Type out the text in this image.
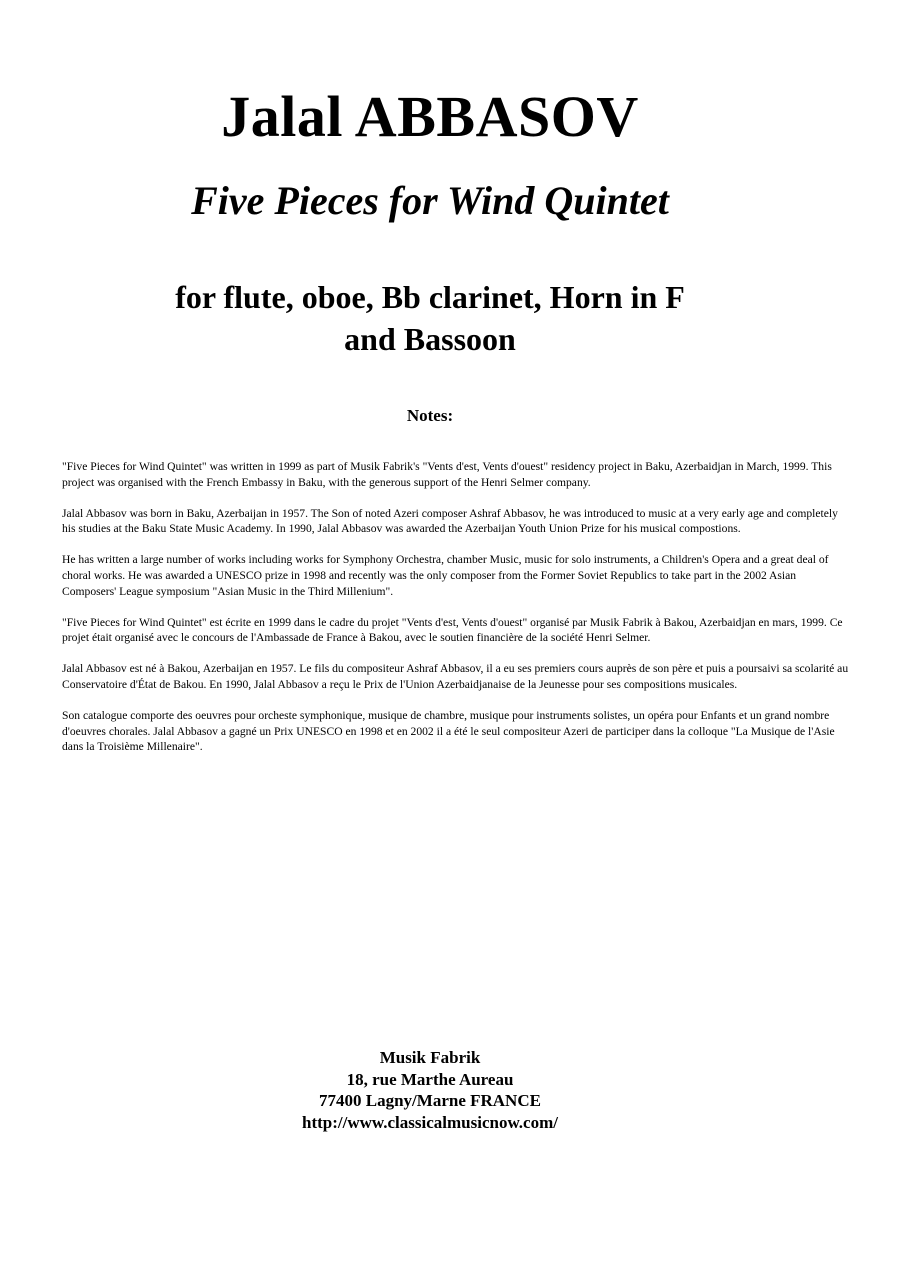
Jalal ABBASOV
Five Pieces for Wind Quintet
for flute, oboe, Bb clarinet, Horn in F
and Bassoon
Notes:

"Five Pieces for Wind Quintet" was written in 1999 as part of Musik Fabrik's "Vents d'est, Vents d'ouest" residency project in Baku, Azerbaidjan in March, 1999. This project was organised with the French Embassy in Baku, with the generous support of the Henri Selmer company.

Jalal Abbasov was born in Baku, Azerbaijan in 1957. The Son of noted Azeri composer Ashraf Abbasov, he was introduced to music at a very early age and completely his studies at the Baku State Music Academy. In 1990, Jalal Abbasov was awarded the Azerbaijan Youth Union Prize for his musical compostions.

He has written a large number of works including works for Symphony Orchestra, chamber Music, music for solo instruments, a Children's Opera and a great deal of choral works. He was awarded a UNESCO prize in 1998 and recently was the only composer from the Former Soviet Republics to take part in the 2002 Asian Composers' League symposium "Asian Music in the Third Millenium".

"Five Pieces for Wind Quintet" est écrite en 1999 dans le cadre du projet "Vents d'est, Vents d'ouest" organisé par Musik Fabrik à Bakou, Azerbaidjan en mars, 1999. Ce projet était organisé avec le concours de l'Ambassade de France à Bakou, avec le soutien financière de la société Henri Selmer.

Jalal Abbasov est né à Bakou, Azerbaijan en 1957. Le fils du compositeur Ashraf Abbasov, il a eu ses premiers cours auprès de son père et puis a poursaivi sa scolarité au Conservatoire d'État de Bakou. En 1990, Jalal Abbasov a reçu le Prix de l'Union Azerbaidjanaise de la Jeunesse pour ses compositions musicales.

Son catalogue comporte des oeuvres pour orcheste symphonique, musique de chambre, musique pour instruments solistes, un opéra pour Enfants et un grand nombre d'oeuvres chorales. Jalal Abbasov a gagné un Prix UNESCO en 1998 et en 2002 il a été le seul compositeur Azeri de participer dans la colloque "La Musique de l'Asie dans la Troisième Millenaire".

Musik Fabrik
18, rue Marthe Aureau
77400 Lagny/Marne FRANCE
http://www.classicalmusicnow.com/
